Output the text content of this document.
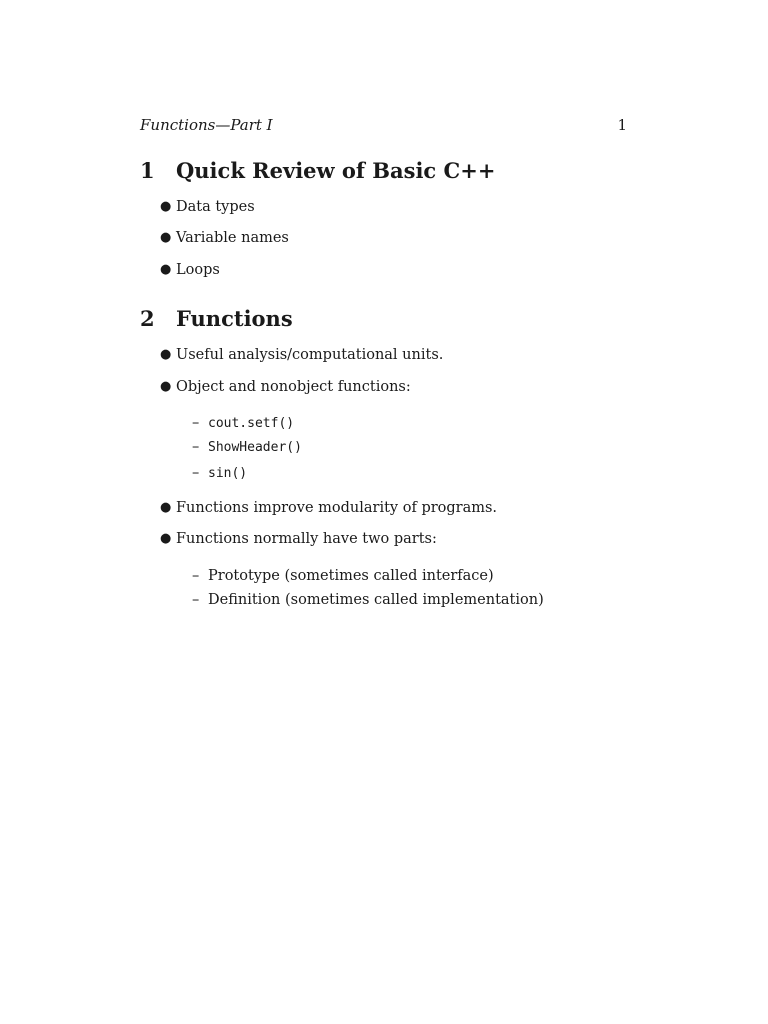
Functions—Part I	1
1 Quick Review of Basic C++
● Data types
● Variable names
● Loops
2 Functions
● Useful analysis/computational units.
● Object and nonobject functions:
– cout.setf()
– ShowHeader()
– sin()
● Functions improve modularity of programs.
● Functions normally have two parts:
– Prototype (sometimes called interface)
– Definition (sometimes called implementation)
